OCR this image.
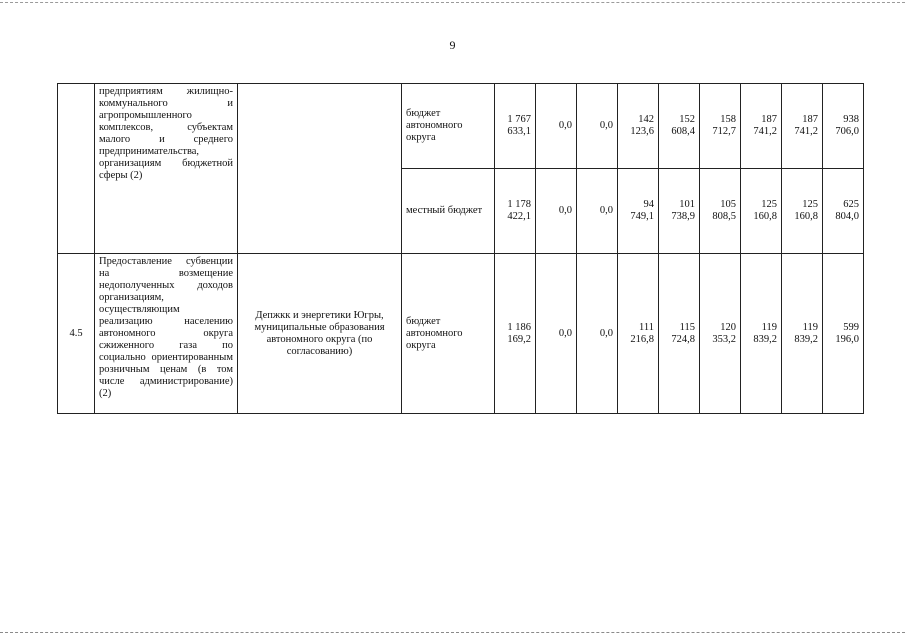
9
	предприятиям жилищно-коммунального и агропромышленного комплексов, субъектам малого и среднего предпринимательства, организациям бюджетной сферы (2)		бюджет автономного округа	1 767 633,1	0,0	0,0	142 123,6	152 608,4	158 712,7	187 741,2	187 741,2	938 706,0
			местный бюджет	1 178 422,1	0,0	0,0	94 749,1	101 738,9	105 808,5	125 160,8	125 160,8	625 804,0
4.5	Предоставление субвенции на возмещение недополученных доходов организациям, осуществляющим реализацию населению автономного округа сжиженного газа по социально ориентированным розничным ценам (в том числе администрирование) (2)	Депжкк и энергетики Югры, муниципальные образования автономного округа (по согласованию)	бюджет автономного округа	1 186 169,2	0,0	0,0	111 216,8	115 724,8	120 353,2	119 839,2	119 839,2	599 196,0
